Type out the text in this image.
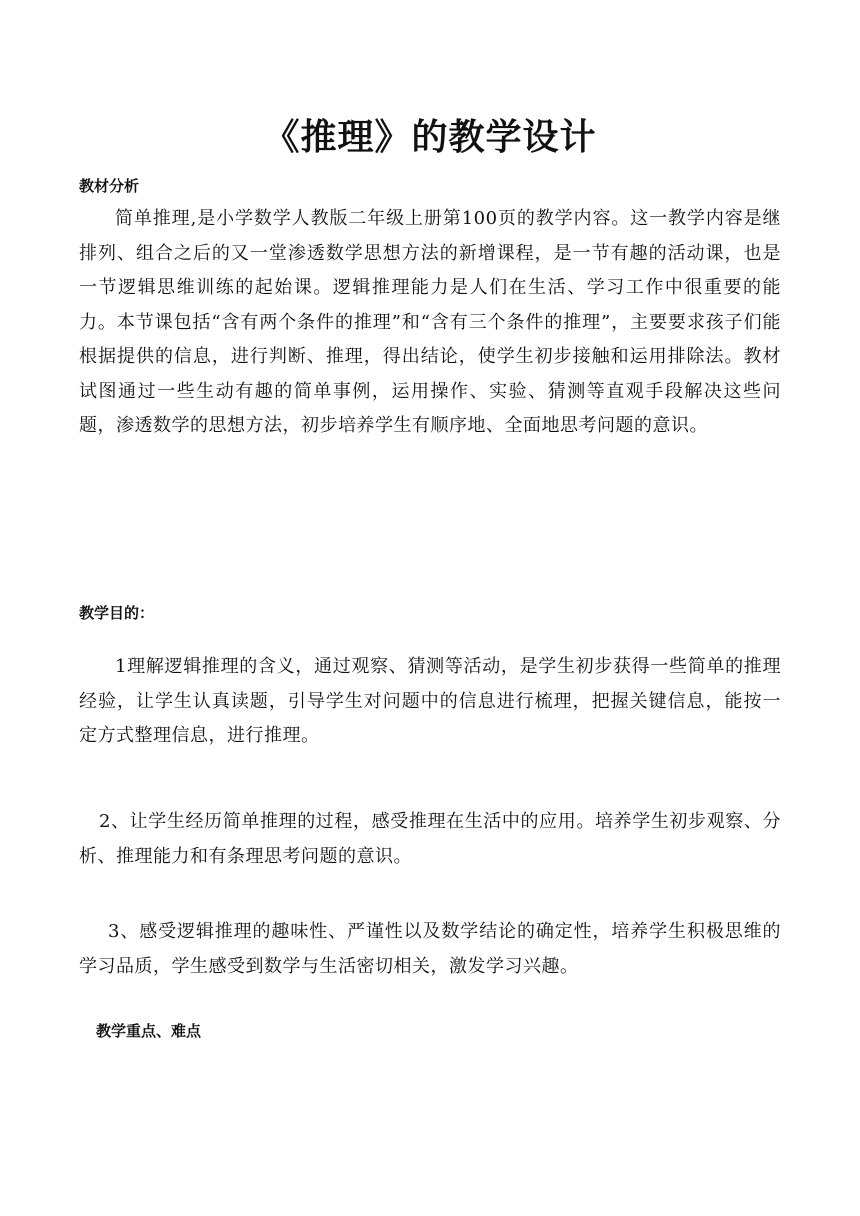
《推理》的教学设计
教材分析

简单推理,是小学数学人教版二年级上册第100页的教学内容。这一教学内容是继排列、组合之后的又一堂渗透数学思想方法的新增课程，是一节有趣的活动课，也是一节逻辑思维训练的起始课。逻辑推理能力是人们在生活、学习工作中很重要的能力。本节课包括“含有两个条件的推理”和“含有三个条件的推理”，主要要求孩子们能根据提供的信息，进行判断、推理，得出结论，使学生初步接触和运用排除法。教材试图通过一些生动有趣的简单事例，运用操作、实验、猜测等直观手段解决这些问题，渗透数学的思想方法，初步培养学生有顺序地、全面地思考问题的意识。

教学目的：

1理解逻辑推理的含义，通过观察、猜测等活动，是学生初步获得一些简单的推理经验，让学生认真读题，引导学生对问题中的信息进行梳理，把握关键信息，能按一定方式整理信息，进行推理。

2、让学生经历简单推理的过程，感受推理在生活中的应用。培养学生初步观察、分析、推理能力和有条理思考问题的意识。

3、感受逻辑推理的趣味性、严谨性以及数学结论的确定性，培养学生积极思维的学习品质，学生感受到数学与生活密切相关，激发学习兴趣。

教学重点、难点
